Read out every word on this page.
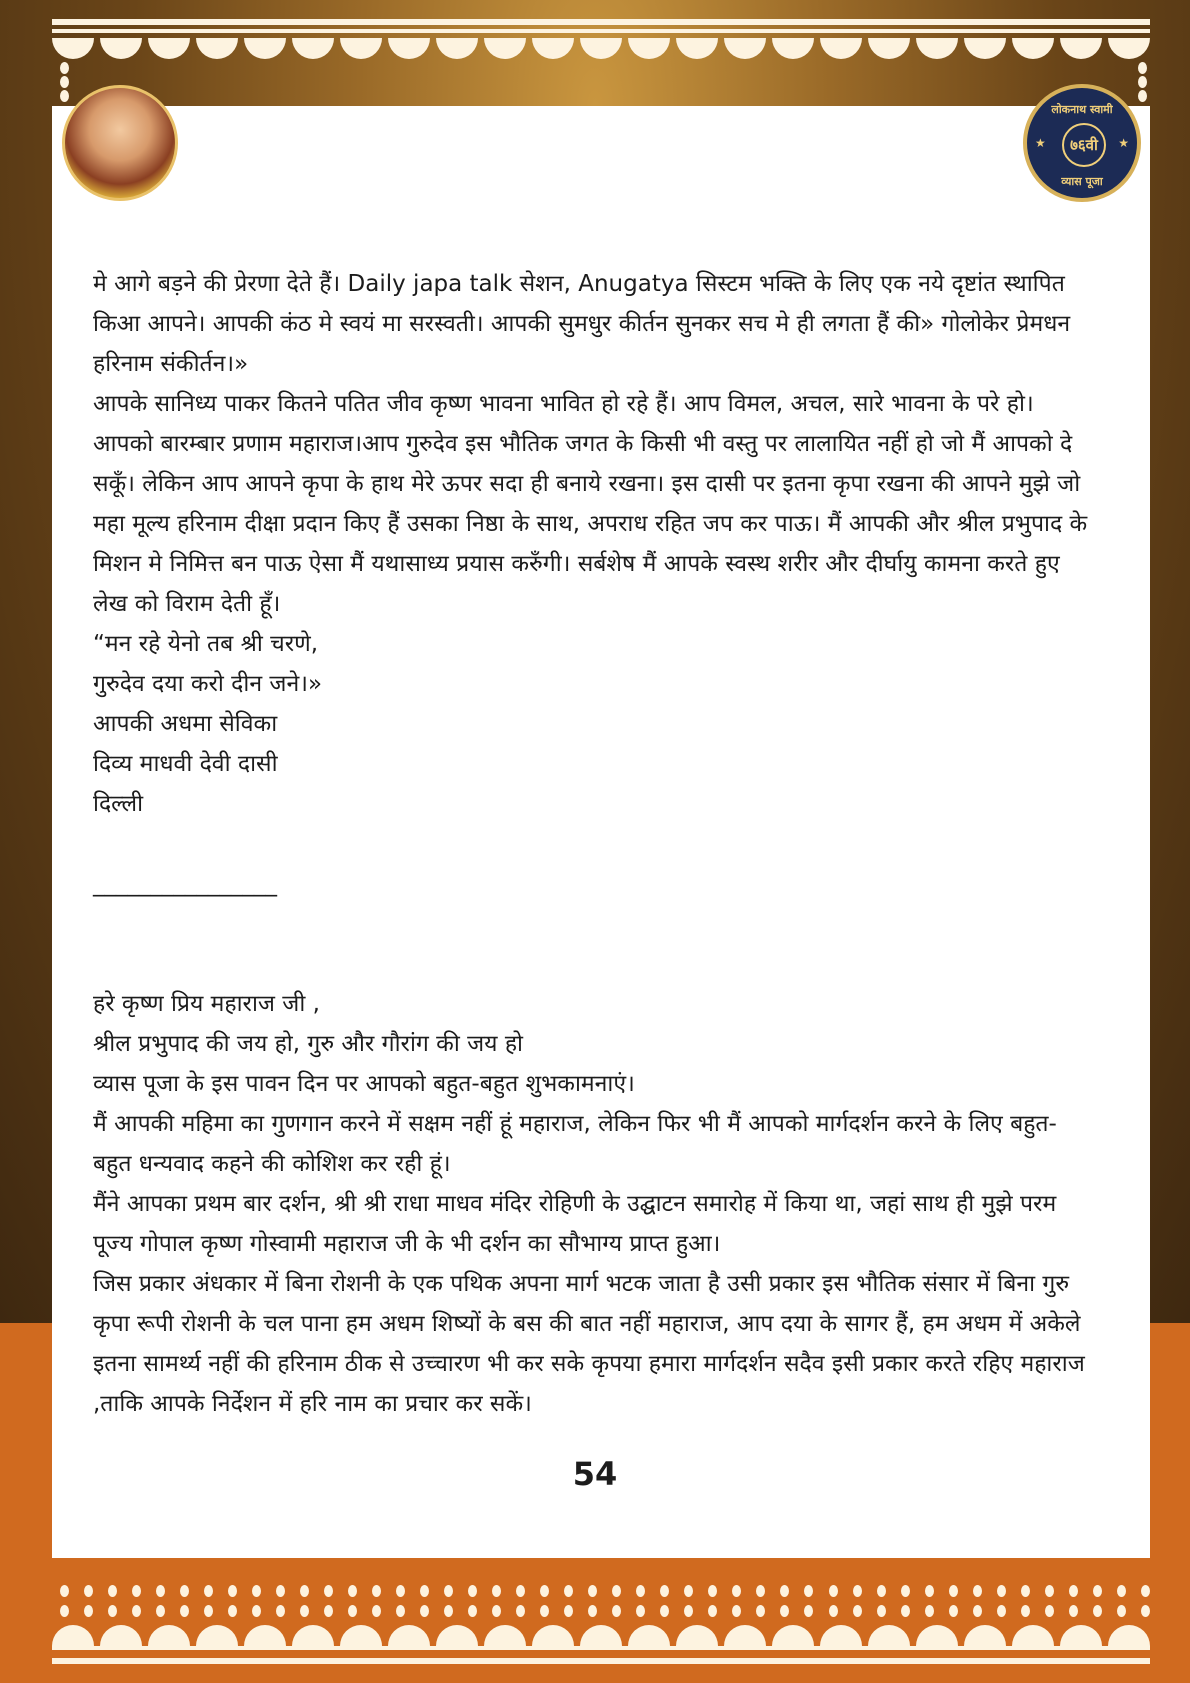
लोकनाथ स्वामी
★	७६वी	★
व्यास पूजा

मे आगे बड़ने की प्रेरणा देते हैं। Daily japa talk सेशन, Anugatya सिस्टम भक्ति के लिए एक नये दृष्टांत स्थापित किआ आपने। आपकी कंठ मे स्वयं मा सरस्वती। आपकी सुमधुर कीर्तन सुनकर सच मे ही लगता हैं की» गोलोकेर प्रेमधन हरिनाम संकीर्तन।»

आपके सानिध्य पाकर कितने पतित जीव कृष्ण भावना भावित हो रहे हैं। आप विमल, अचल, सारे भावना के परे हो। आपको बारम्बार प्रणाम महाराज।आप गुरुदेव इस भौतिक जगत के किसी भी वस्तु पर लालायित नहीं हो जो मैं आपको दे सकूँ। लेकिन आप आपने कृपा के हाथ मेरे ऊपर सदा ही बनाये रखना। इस दासी पर इतना कृपा रखना की आपने मुझे जो महा मूल्य हरिनाम दीक्षा प्रदान किए हैं उसका निष्ठा के साथ, अपराध रहित जप कर पाऊ। मैं आपकी और श्रील प्रभुपाद के मिशन मे निमित्त बन पाऊ ऐसा मैं यथासाध्य प्रयास करुँगी। सर्बशेष मैं आपके स्वस्थ शरीर और दीर्घायु कामना करते हुए लेख को विराम देती हूँ।

“मन रहे येनो तब श्री चरणे,

गुरुदेव दया करो दीन जने।»

आपकी अधमा सेविका

दिव्य माधवी देवी दासी

दिल्ली

________________

हरे कृष्ण प्रिय महाराज जी ,

श्रील प्रभुपाद की जय हो, गुरु और गौरांग की जय हो

व्यास पूजा के इस पावन दिन पर आपको बहुत-बहुत शुभकामनाएं।

मैं आपकी महिमा का गुणगान करने में सक्षम नहीं हूं महाराज, लेकिन फिर भी मैं आपको मार्गदर्शन करने के लिए बहुत-बहुत धन्यवाद कहने की कोशिश कर रही हूं।

मैंने आपका प्रथम बार दर्शन, श्री श्री राधा माधव मंदिर रोहिणी के उद्घाटन समारोह में किया था, जहां साथ ही मुझे परम पूज्य गोपाल कृष्ण गोस्वामी महाराज जी के भी दर्शन का सौभाग्य प्राप्त हुआ।

जिस प्रकार अंधकार में बिना रोशनी के एक पथिक अपना मार्ग भटक जाता है उसी प्रकार इस भौतिक संसार में बिना गुरु कृपा रूपी रोशनी के चल पाना हम अधम शिष्यों के बस की बात नहीं महाराज, आप दया के सागर हैं, हम अधम में अकेले इतना सामर्थ्य नहीं की हरिनाम ठीक से उच्चारण भी कर सके कृपया हमारा मार्गदर्शन सदैव इसी प्रकार करते रहिए महाराज ,ताकि आपके निर्देशन में हरि नाम का प्रचार कर सकें।

54
